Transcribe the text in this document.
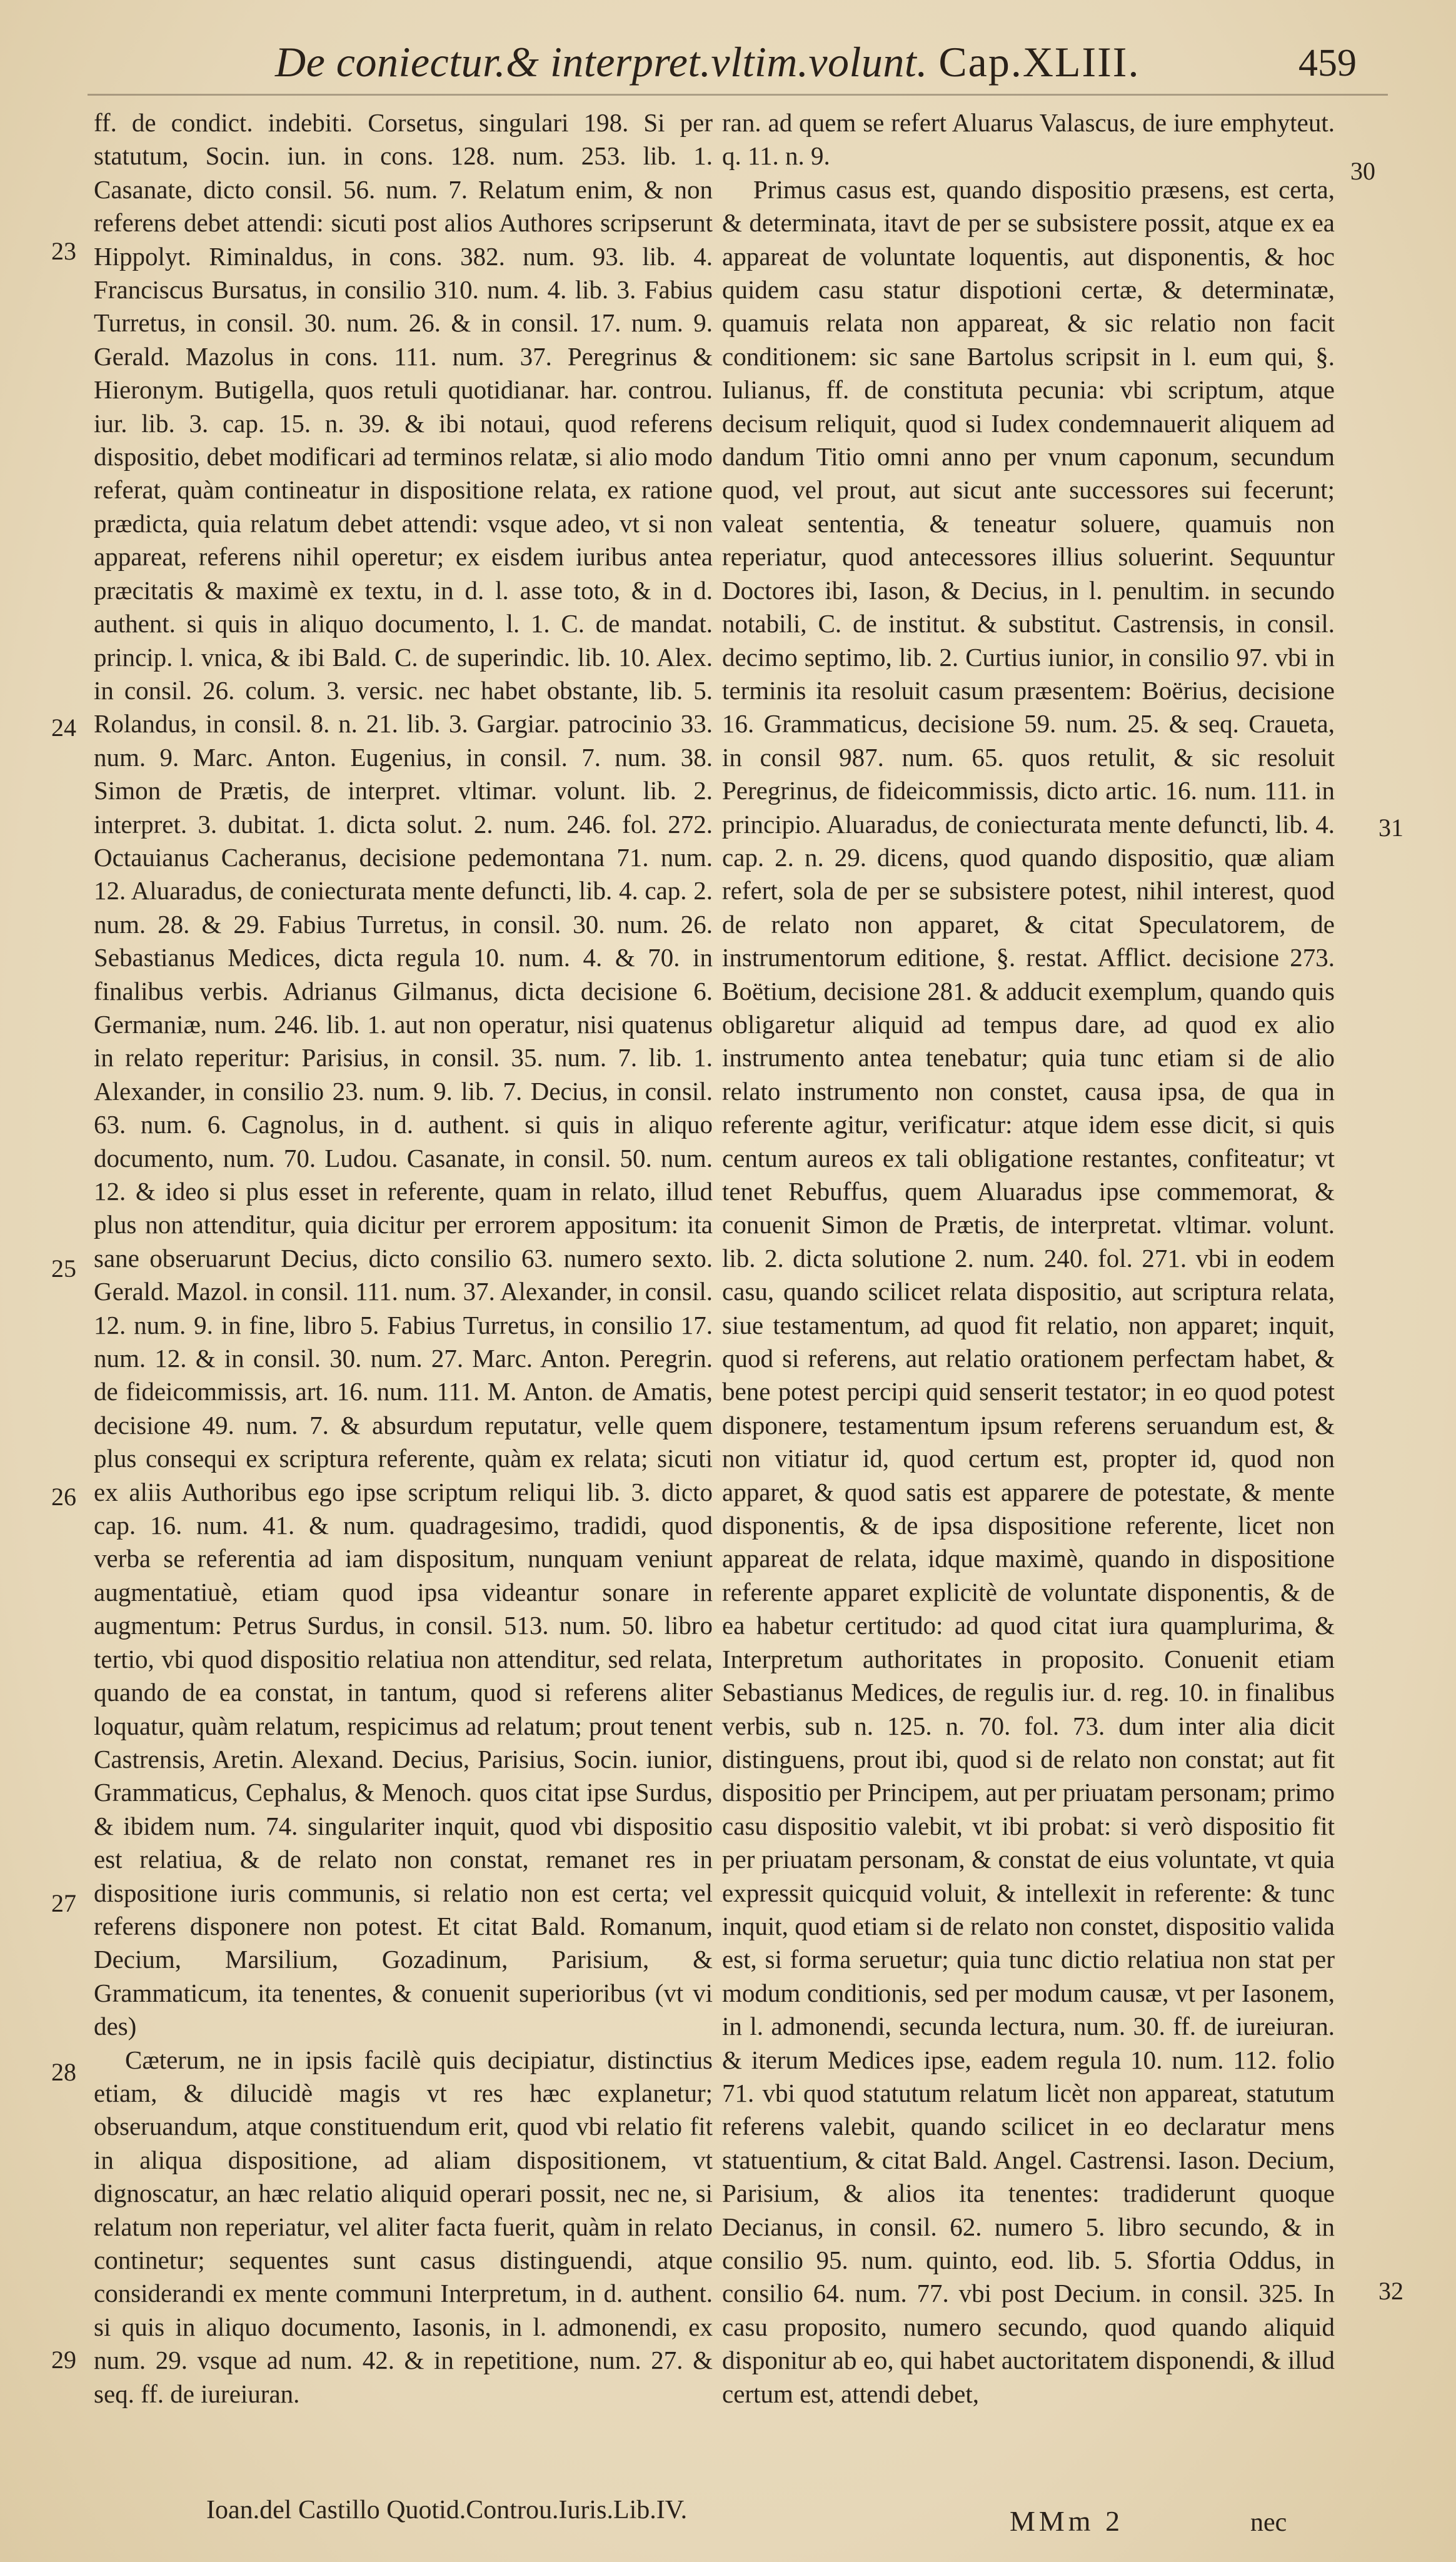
De coniectur.& interpret.vltim.volunt. Cap.XLIII.	459

ff. de condict. indebiti. Corsetus, singulari 198. Si per statutum, Socin. iun. in cons. 128. num. 253. lib. 1. Casanate, dicto consil. 56. num. 7. Relatum enim, & non referens debet attendi: sicuti post alios Authores scripserunt Hippolyt. Riminaldus, in cons. 382. num. 93. lib. 4. Franciscus Bursatus, in consilio 310. num. 4. lib. 3. Fabius Turretus, in consil. 30. num. 26. & in consil. 17. num. 9. Gerald. Mazolus in cons. 111. num. 37. Peregrinus & Hieronym. Butigella, quos retuli quotidianar. har. controu. iur. lib. 3. cap. 15. n. 39. & ibi notaui, quod referens dispositio, debet modificari ad terminos relatæ, si alio modo referat, quàm contineatur in dispositione relata, ex ratione prædicta, quia relatum debet attendi: vsque adeo, vt si non appareat, referens nihil operetur; ex eisdem iuribus antea præcitatis & maximè ex textu, in d. l. asse toto, & in d. authent. si quis in aliquo documento, l. 1. C. de mandat. princip. l. vnica, & ibi Bald. C. de superindic. lib. 10. Alex. in consil. 26. colum. 3. versic. nec habet obstante, lib. 5. Rolandus, in consil. 8. n. 21. lib. 3. Gargiar. patrocinio 33. num. 9. Marc. Anton. Eugenius, in consil. 7. num. 38. Simon de Prætis, de interpret. vltimar. volunt. lib. 2. interpret. 3. dubitat. 1. dicta solut. 2. num. 246. fol. 272. Octauianus Cacheranus, decisione pedemontana 71. num. 12. Aluaradus, de coniecturata mente defuncti, lib. 4. cap. 2. num. 28. & 29. Fabius Turretus, in consil. 30. num. 26. Sebastianus Medices, dicta regula 10. num. 4. & 70. in finalibus verbis. Adrianus Gilmanus, dicta decisione 6. Germaniæ, num. 246. lib. 1. aut non operatur, nisi quatenus in relato reperitur: Parisius, in consil. 35. num. 7. lib. 1. Alexander, in consilio 23. num. 9. lib. 7. Decius, in consil. 63. num. 6. Cagnolus, in d. authent. si quis in aliquo documento, num. 70. Ludou. Casanate, in consil. 50. num. 12. & ideo si plus esset in referente, quam in relato, illud plus non attenditur, quia dicitur per errorem appositum: ita sane obseruarunt Decius, dicto consilio 63. numero sexto. Gerald. Mazol. in consil. 111. num. 37. Alexander, in consil. 12. num. 9. in fine, libro 5. Fabius Turretus, in consilio 17. num. 12. & in consil. 30. num. 27. Marc. Anton. Peregrin. de fideicommissis, art. 16. num. 111. M. Anton. de Amatis, decisione 49. num. 7. & absurdum reputatur, velle quem plus consequi ex scriptura referente, quàm ex relata; sicuti ex aliis Authoribus ego ipse scriptum reliqui lib. 3. dicto cap. 16. num. 41. & num. quadragesimo, tradidi, quod verba se referentia ad iam dispositum, nunquam veniunt augmentatiuè, etiam quod ipsa videantur sonare in augmentum: Petrus Surdus, in consil. 513. num. 50. libro tertio, vbi quod dispositio relatiua non attenditur, sed relata, quando de ea constat, in tantum, quod si referens aliter loquatur, quàm relatum, respicimus ad relatum; prout tenent Castrensis, Aretin. Alexand. Decius, Parisius, Socin. iunior, Grammaticus, Cephalus, & Menoch. quos citat ipse Surdus, & ibidem num. 74. singulariter inquit, quod vbi dispositio est relatiua, & de relato non constat, remanet res in dispositione iuris communis, si relatio non est certa; vel referens disponere non potest. Et citat Bald. Romanum, Decium, Marsilium, Gozadinum, Parisium, & Grammaticum, ita tenentes, & conuenit superioribus (vt vi des)

Cæterum, ne in ipsis facilè quis decipiatur, distinctius etiam, & dilucidè magis vt res hæc explanetur; obseruandum, atque constituendum erit, quod vbi relatio fit in aliqua dispositione, ad aliam dispositionem, vt dignoscatur, an hæc relatio aliquid operari possit, nec ne, si relatum non reperiatur, vel aliter facta fuerit, quàm in relato continetur; sequentes sunt casus distinguendi, atque considerandi ex mente communi Interpretum, in d. authent. si quis in aliquo documento, Iasonis, in l. admonendi, ex num. 29. vsque ad num. 42. & in repetitione, num. 27. & seq. ff. de iureiuran.

ran. ad quem se refert Aluarus Valascus, de iure emphyteut. q. 11. n. 9.

Primus casus est, quando dispositio præsens, est certa, & determinata, itavt de per se subsistere possit, atque ex ea appareat de voluntate loquentis, aut disponentis, & hoc quidem casu statur dispotioni certæ, & determinatæ, quamuis relata non appareat, & sic relatio non facit conditionem: sic sane Bartolus scripsit in l. eum qui, §. Iulianus, ff. de constituta pecunia: vbi scriptum, atque decisum reliquit, quod si Iudex condemnauerit aliquem ad dandum Titio omni anno per vnum caponum, secundum quod, vel prout, aut sicut ante successores sui fecerunt; valeat sententia, & teneatur soluere, quamuis non reperiatur, quod antecessores illius soluerint. Sequuntur Doctores ibi, Iason, & Decius, in l. penultim. in secundo notabili, C. de institut. & substitut. Castrensis, in consil. decimo septimo, lib. 2. Curtius iunior, in consilio 97. vbi in terminis ita resoluit casum præsentem: Boërius, decisione 16. Grammaticus, decisione 59. num. 25. & seq. Craueta, in consil 987. num. 65. quos retulit, & sic resoluit Peregrinus, de fideicommissis, dicto artic. 16. num. 111. in principio. Aluaradus, de coniecturata mente defuncti, lib. 4. cap. 2. n. 29. dicens, quod quando dispositio, quæ aliam refert, sola de per se subsistere potest, nihil interest, quod de relato non apparet, & citat Speculatorem, de instrumentorum editione, §. restat. Afflict. decisione 273. Boëtium, decisione 281. & adducit exemplum, quando quis obligaretur aliquid ad tempus dare, ad quod ex alio instrumento antea tenebatur; quia tunc etiam si de alio relato instrumento non constet, causa ipsa, de qua in referente agitur, verificatur: atque idem esse dicit, si quis centum aureos ex tali obligatione restantes, confiteatur; vt tenet Rebuffus, quem Aluaradus ipse commemorat, & conuenit Simon de Prætis, de interpretat. vltimar. volunt. lib. 2. dicta solutione 2. num. 240. fol. 271. vbi in eodem casu, quando scilicet relata dispositio, aut scriptura relata, siue testamentum, ad quod fit relatio, non apparet; inquit, quod si referens, aut relatio orationem perfectam habet, & bene potest percipi quid senserit testator; in eo quod potest disponere, testamentum ipsum referens seruandum est, & non vitiatur id, quod certum est, propter id, quod non apparet, & quod satis est apparere de potestate, & mente disponentis, & de ipsa dispositione referente, licet non appareat de relata, idque maximè, quando in dispositione referente apparet explicitè de voluntate disponentis, & de ea habetur certitudo: ad quod citat iura quamplurima, & Interpretum authoritates in proposito. Conuenit etiam Sebastianus Medices, de regulis iur. d. reg. 10. in finalibus verbis, sub n. 125. n. 70. fol. 73. dum inter alia dicit distinguens, prout ibi, quod si de relato non constat; aut fit dispositio per Principem, aut per priuatam personam; primo casu dispositio valebit, vt ibi probat: si verò dispositio fit per priuatam personam, & constat de eius voluntate, vt quia expressit quicquid voluit, & intellexit in referente: & tunc inquit, quod etiam si de relato non constet, dispositio valida est, si forma seruetur; quia tunc dictio relatiua non stat per modum conditionis, sed per modum causæ, vt per Iasonem, in l. admonendi, secunda lectura, num. 30. ff. de iureiuran. & iterum Medices ipse, eadem regula 10. num. 112. folio 71. vbi quod statutum relatum licèt non appareat, statutum referens valebit, quando scilicet in eo declaratur mens statuentium, & citat Bald. Angel. Castrensi. Iason. Decium, Parisium, & alios ita tenentes: tradiderunt quoque Decianus, in consil. 62. numero 5. libro secundo, & in consilio 95. num. quinto, eod. lib. 5. Sfortia Oddus, in consilio 64. num. 77. vbi post Decium. in consil. 325. In casu proposito, numero secundo, quod quando aliquid disponitur ab eo, qui habet auctoritatem disponendi, & illud certum est, attendi debet,

23
24
25
26
27
28
29
30
31
32
Ioan.del Castillo Quotid.Controu.Iuris.Lib.IV.	MMm 2	nec
